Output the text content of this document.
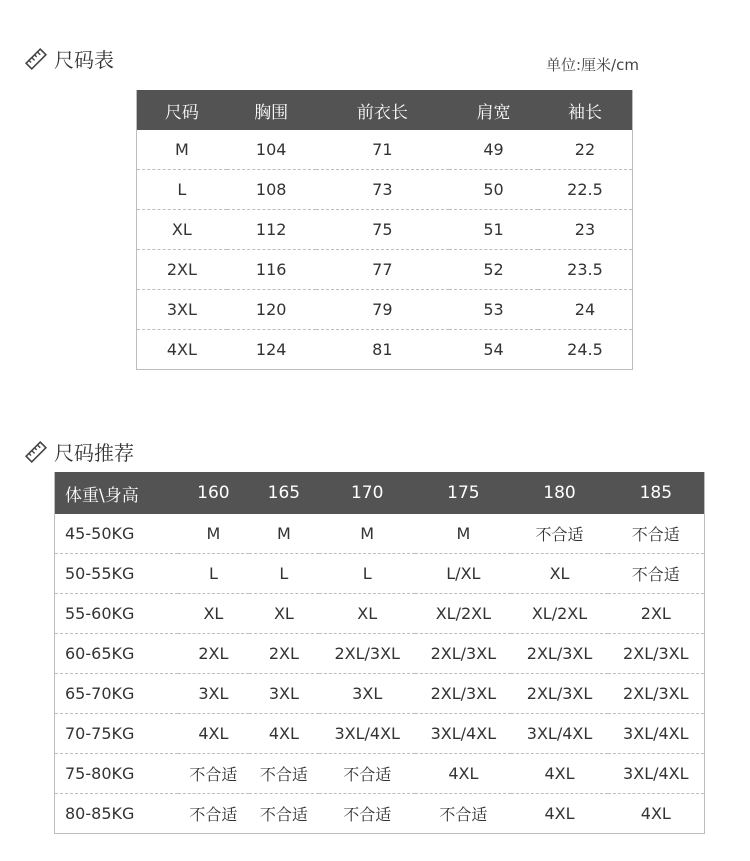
尺码表	单位:厘米/cm
尺码	胸围	前衣长	肩宽	袖长
M	104	71	49	22
L	108	73	50	22.5
XL	112	75	51	23
2XL	116	77	52	23.5
3XL	120	79	53	24
4XL	124	81	54	24.5
尺码推荐
体重\身高	160	165	170	175	180	185
45-50KG	M	M	M	M	不合适	不合适
50-55KG	L	L	L	L/XL	XL	不合适
55-60KG	XL	XL	XL	XL/2XL	XL/2XL	2XL
60-65KG	2XL	2XL	2XL/3XL	2XL/3XL	2XL/3XL	2XL/3XL
65-70KG	3XL	3XL	3XL	2XL/3XL	2XL/3XL	2XL/3XL
70-75KG	4XL	4XL	3XL/4XL	3XL/4XL	3XL/4XL	3XL/4XL
75-80KG	不合适	不合适	不合适	4XL	4XL	3XL/4XL
80-85KG	不合适	不合适	不合适	不合适	4XL	4XL
